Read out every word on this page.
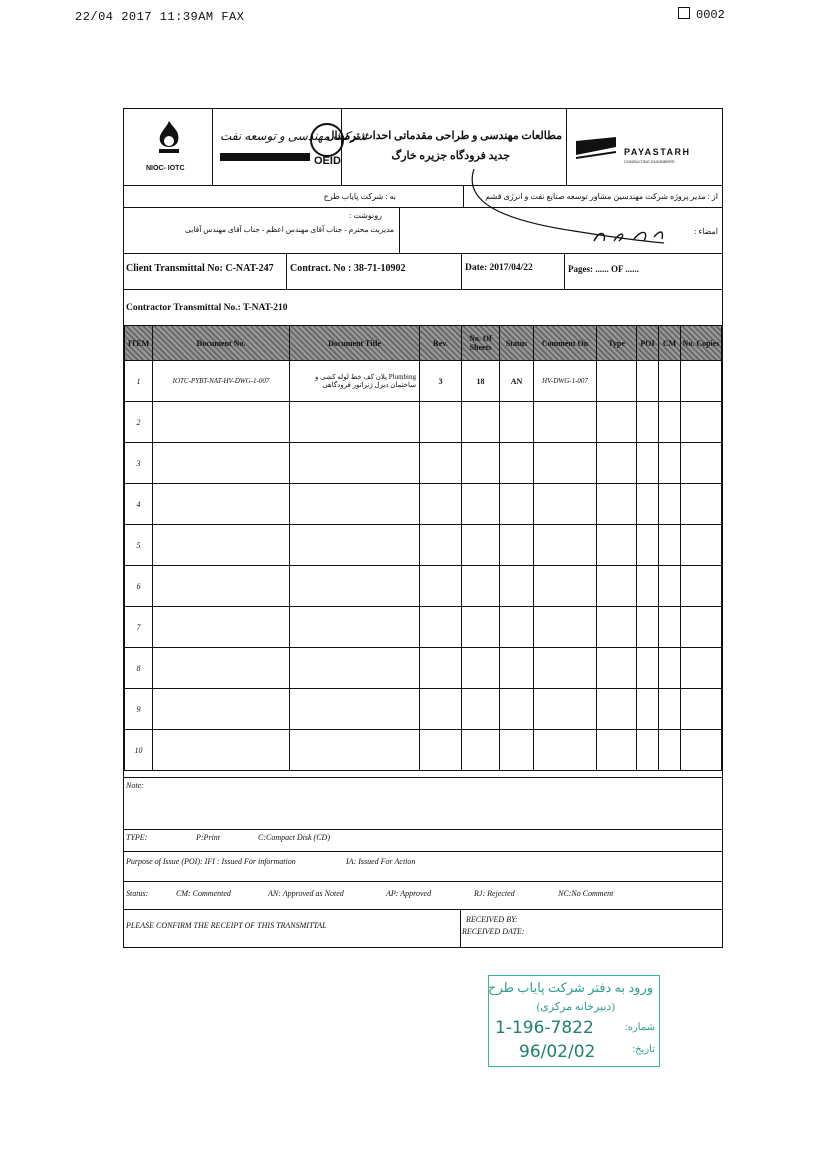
22/04 2017 11:39AM FAX	0002
NIOC- IOTC
شرکت مهندسی و توسعه نفت
OEID
مطالعات مهندسی و طراحی مقدماتی احداث ترمینال
جدید فرودگاه جزیره خارگ	PAYASTARH
CONSULTING ENGINEERS
از : مدیر پروژه شرکت مهندسین مشاور توسعه صنایع نفت و انرژی قشم
به : شرکت پایاب طرح
رونوشت :
مدیریت محترم - جناب آقای مهندس اعظم - جناب آقای مهندس آقایی	امضاء :
Client Transmittal No: C-NAT-247 Contract. No : 38-71-10902	Date: 2017/04/22	Pages: ...... OF ......
Contractor Transmittal No.: T-NAT-210
ITEM	Document No.	Document Title	Rev.	No. Of Sheets	Status	Comment On	Type	POI	CM	No. Copies
1	IOTC-PYBT-NAT-HV-DWG-1-007	Plumbing پلان کف خط لوله کشی و ساختمان دیزل ژنراتور فرودگاهی	3	18	AN	HV-DWG-1-007				
2										
3										
4										
5										
6										
7										
8										
9										
10										
Note:
TYPE:	P:Print	C:Compact Disk (CD)
Purpose of Issue (POI): IFI : Issued For information	IA: Issued For Action
Status:	CM: Commented	AN: Approved as Noted	AP: Approved	RJ: Rejected	NC:No Comment
PLEASE CONFIRM THE RECEIPT OF THIS TRANSMITTAL
RECEIVED BY:
RECEIVED DATE:
ورود به دفتر شرکت پایاب طرح
(دبیرخانه مرکزی)
شماره:
1-196-7822
تاریخ:
96/02/02
